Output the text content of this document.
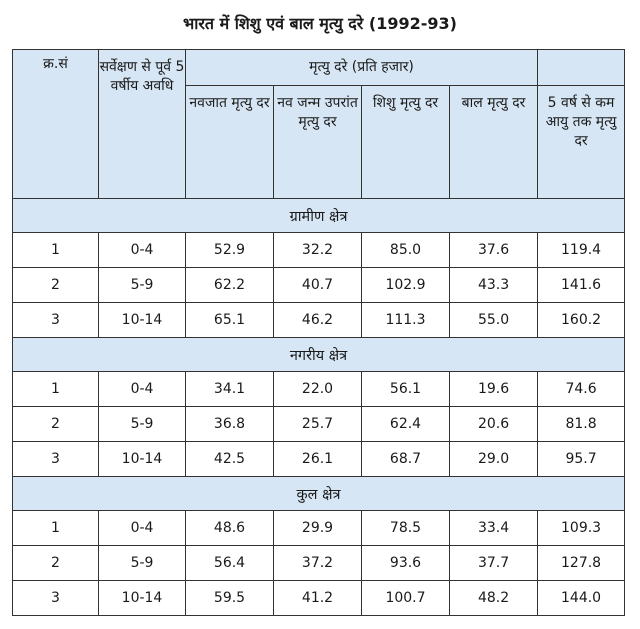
भारत में शिशु एवं बाल मृत्यु दरे (1992-93)
क्र.सं	सर्वेक्षण से पूर्व 5 वर्षीय अवधि	मृत्यु दरे (प्रति हजार)				
		नवजात मृत्यु दर	नव जन्म उपरांत मृत्यु दर	शिशु मृत्यु दर	बाल मृत्यु दर	5 वर्ष से कम आयु तक मृत्यु दर
ग्रामीण क्षेत्र						
1	0-4	52.9	32.2	85.0	37.6	119.4
2	5-9	62.2	40.7	102.9	43.3	141.6
3	10-14	65.1	46.2	111.3	55.0	160.2
नगरीय क्षेत्र						
1	0-4	34.1	22.0	56.1	19.6	74.6
2	5-9	36.8	25.7	62.4	20.6	81.8
3	10-14	42.5	26.1	68.7	29.0	95.7
कुल क्षेत्र						
1	0-4	48.6	29.9	78.5	33.4	109.3
2	5-9	56.4	37.2	93.6	37.7	127.8
3	10-14	59.5	41.2	100.7	48.2	144.0
